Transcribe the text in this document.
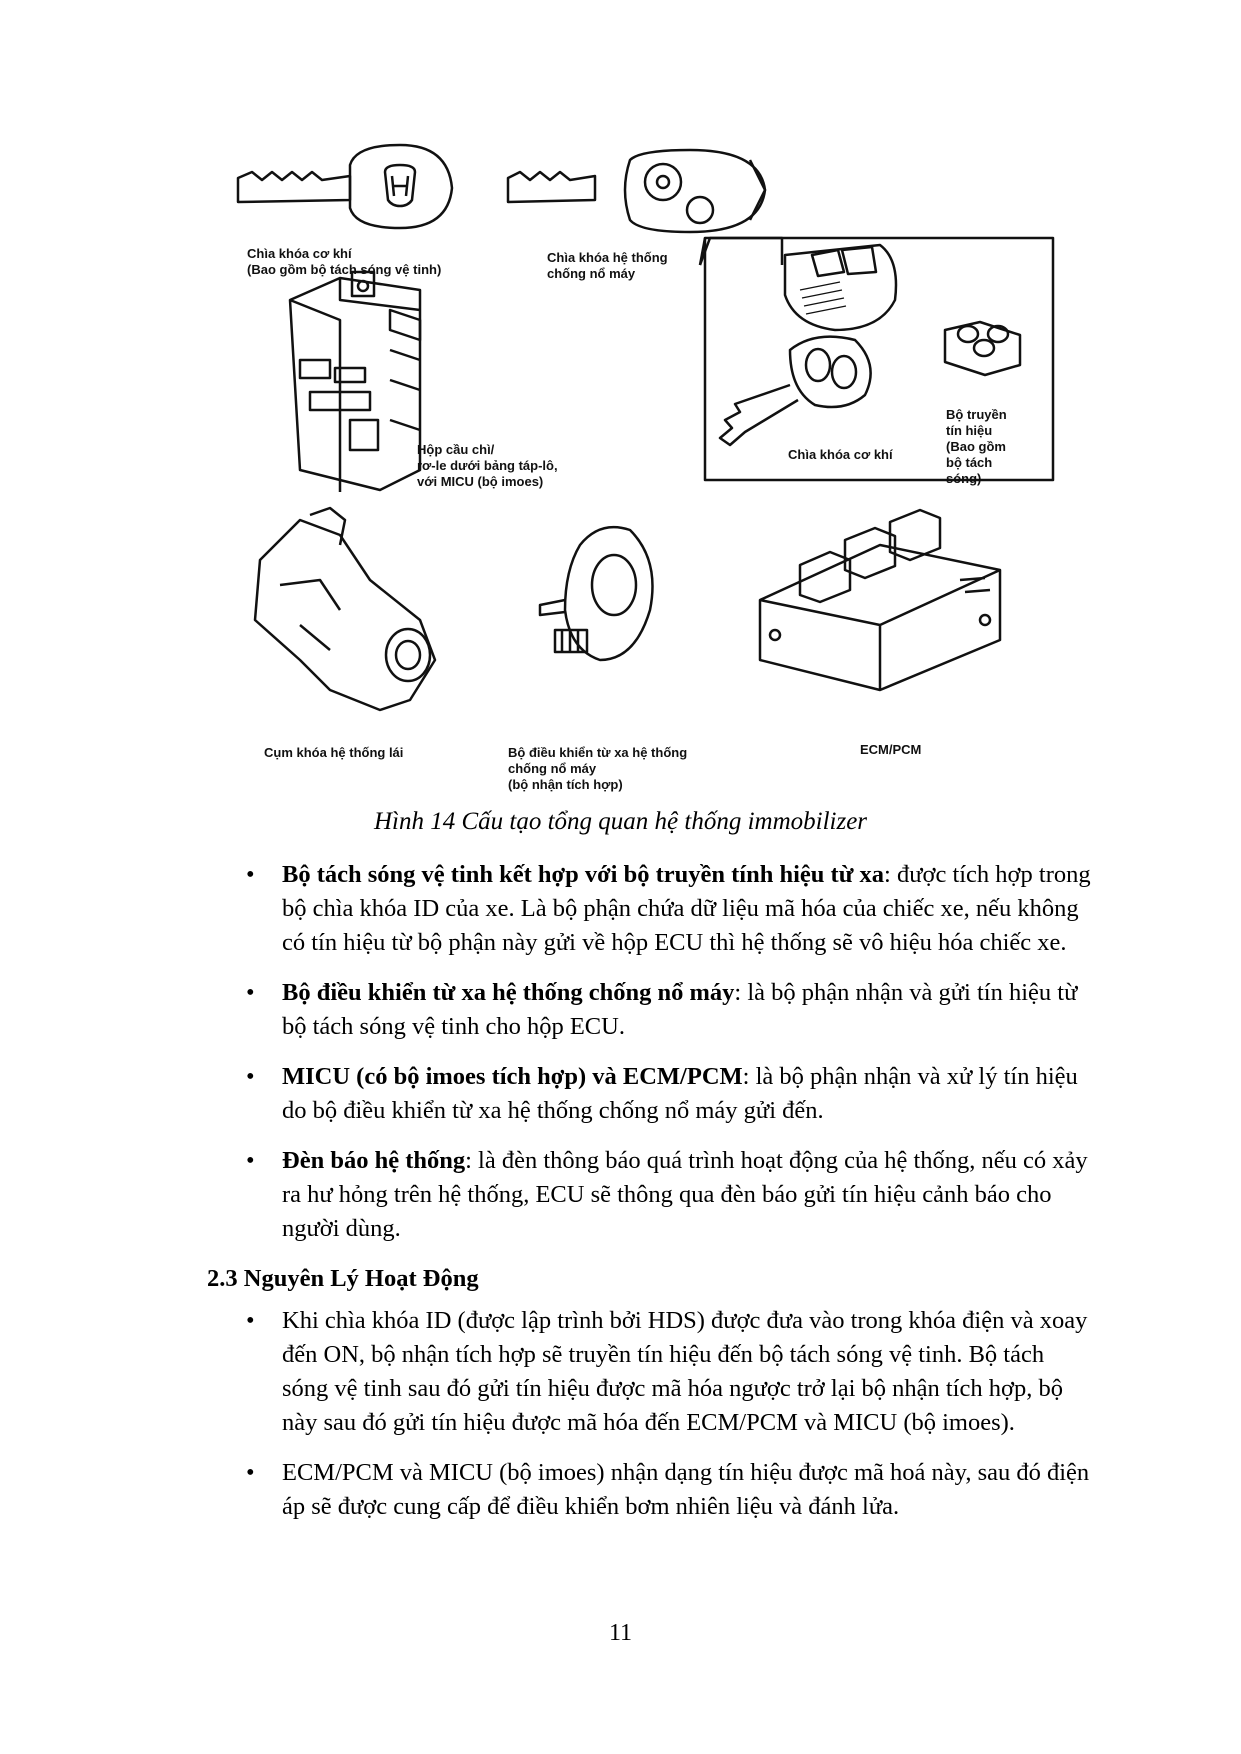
Chìa khóa cơ khí
(Bao gồm bộ tách sóng vệ tinh)
Chìa khóa hệ thống
chống nổ máy
Hộp cầu chì/
rơ-le dưới bảng táp-lô,
với MICU (bộ imoes)
Chìa khóa cơ khí
Bộ truyền
tín hiệu
(Bao gồm
bộ tách
sóng)
Cụm khóa hệ thống lái	Bộ điều khiển từ xa hệ thống
chống nổ máy
(bộ nhận tích hợp)
ECM/PCM
Hình 14 Cấu tạo tổng quan hệ thống immobilizer
• Bộ tách sóng vệ tinh kết hợp với bộ truyền tính hiệu từ xa: được tích hợp trong bộ chìa khóa ID của xe. Là bộ phận chứa dữ liệu mã hóa của chiếc xe, nếu không có tín hiệu từ bộ phận này gửi về hộp ECU thì hệ thống sẽ vô hiệu hóa chiếc xe.
• Bộ điều khiển từ xa hệ thống chống nổ máy: là bộ phận nhận và gửi tín hiệu từ bộ tách sóng vệ tinh cho hộp ECU.
• MICU (có bộ imoes tích hợp) và ECM/PCM: là bộ phận nhận và xử lý tín hiệu do bộ điều khiển từ xa hệ thống chống nổ máy gửi đến.
• Đèn báo hệ thống: là đèn thông báo quá trình hoạt động của hệ thống, nếu có xảy ra hư hỏng trên hệ thống, ECU sẽ thông qua đèn báo gửi tín hiệu cảnh báo cho người dùng.
2.3 Nguyên Lý Hoạt Động
• Khi chìa khóa ID (được lập trình bởi HDS) được đưa vào trong khóa điện và xoay đến ON, bộ nhận tích hợp sẽ truyền tín hiệu đến bộ tách sóng vệ tinh. Bộ tách sóng vệ tinh sau đó gửi tín hiệu được mã hóa ngược trở lại bộ nhận tích hợp, bộ này sau đó gửi tín hiệu được mã hóa đến ECM/PCM và MICU (bộ imoes).
• ECM/PCM và MICU (bộ imoes) nhận dạng tín hiệu được mã hoá này, sau đó điện áp sẽ được cung cấp để điều khiển bơm nhiên liệu và đánh lửa.
11
